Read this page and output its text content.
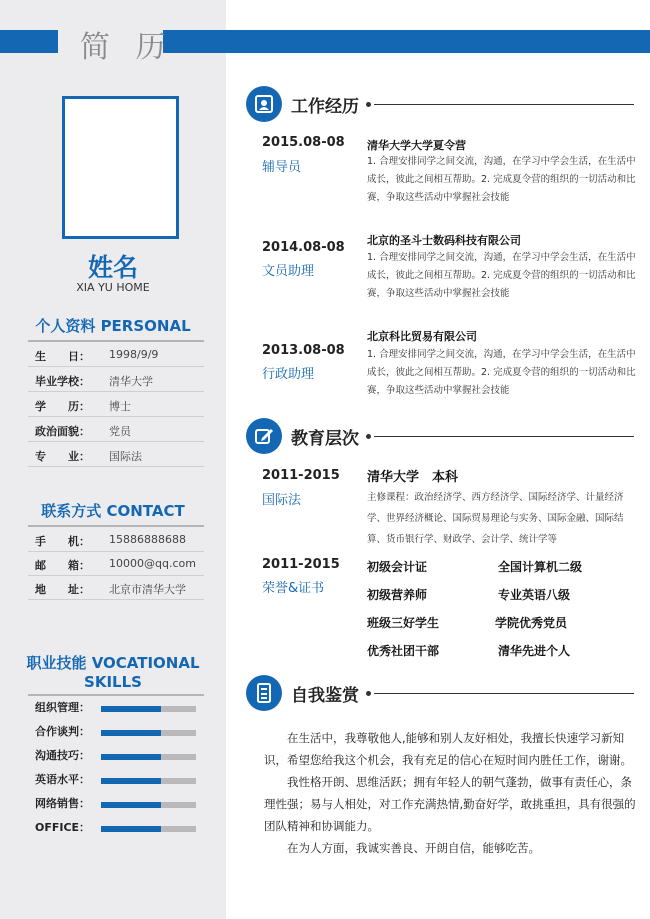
简 历
姓名
XIA YU HOME
个人资料 PERSONAL
生　　日： 1998/9/9
毕业学校： 清华大学
学　　历： 博士
政治面貌： 党员
专　　业： 国际法
联系方式 CONTACT
手　　机： 15886888688
邮　　箱： 10000@qq.com
地　　址： 北京市清华大学
职业技能 VOCATIONAL
SKILLS
组织管理：
合作谈判：
沟通技巧：
英语水平：
网络销售：
OFFICE：
工作经历
2015.08-08
辅导员
清华大学大学夏令营
1. 合理安排同学之间交流，沟通，在学习中学会生活，在生活中成长，彼此之间相互帮助。2. 完成夏令营的组织的一切活动和比赛，争取这些活动中掌握社会技能
2014.08-08
文员助理
北京的圣斗士数码科技有限公司
1. 合理安排同学之间交流，沟通，在学习中学会生活，在生活中成长，彼此之间相互帮助。2. 完成夏令营的组织的一切活动和比赛，争取这些活动中掌握社会技能
2013.08-08
行政助理
北京科比贸易有限公司
1. 合理安排同学之间交流，沟通，在学习中学会生活，在生活中成长，彼此之间相互帮助。2. 完成夏令营的组织的一切活动和比赛，争取这些活动中掌握社会技能
教育层次
2011-2015
国际法
清华大学　本科
主修课程：政治经济学、西方经济学、国际经济学、计量经济学、世界经济概论、国际贸易理论与实务、国际金融、国际结算、货币银行学、财政学、会计学、统计学等
2011-2015
荣誉&证书
初级会计证	全国计算机二级
初级营养师	专业英语八级
班级三好学生	学院优秀党员
优秀社团干部	清华先进个人
自我鉴赏
在生活中，我尊敬他人,能够和别人友好相处，我擅长快速学习新知识，希望您给我这个机会，我有充足的信心在短时间内胜任工作，谢谢。
我性格开朗、思维活跃；拥有年轻人的朝气蓬勃，做事有责任心，条理性强；易与人相处，对工作充满热情,勤奋好学，敢挑重担，具有很强的团队精神和协调能力。
在为人方面，我诚实善良、开朗自信，能够吃苦。
